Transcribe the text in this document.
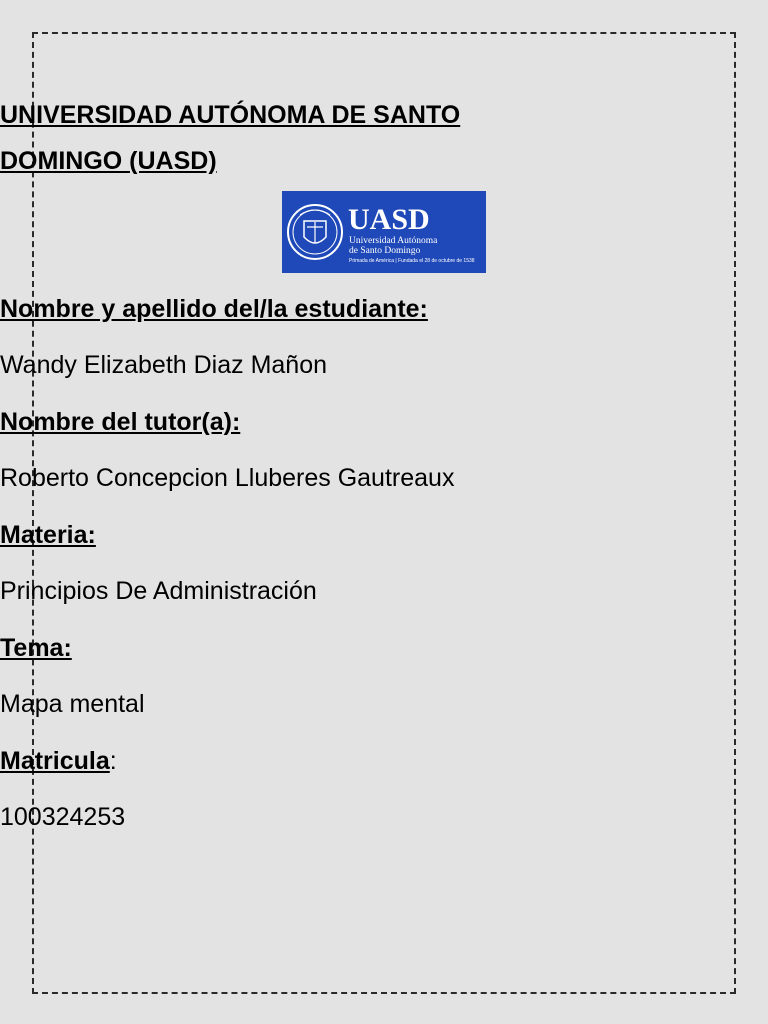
UNIVERSIDAD AUTÓNOMA DE SANTO
DOMINGO (UASD)
UASD
Universidad Autónoma
de Santo Domingo
Primada de América | Fundada el 28 de octubre de 1538
Nombre y apellido del/la estudiante:
Wandy Elizabeth Diaz Mañon
Nombre del tutor(a):
Roberto Concepcion Lluberes Gautreaux
Materia:
Principios De Administración
Tema:
Mapa mental
Matricula:
100324253
